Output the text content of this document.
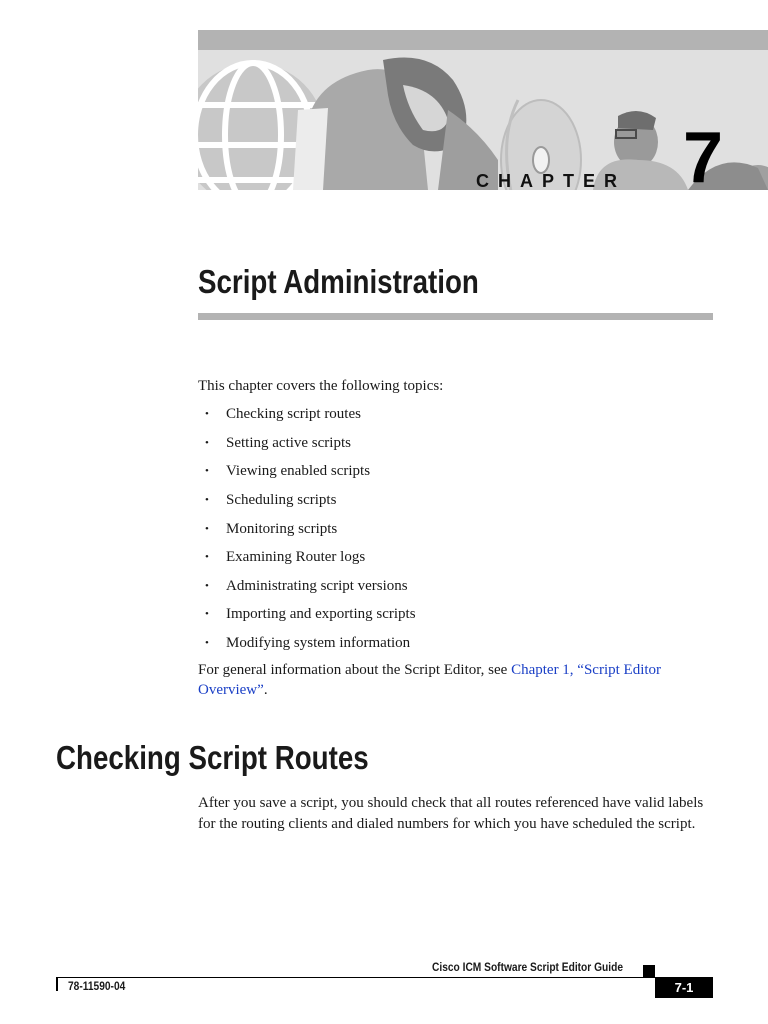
CHAPTER 7
Script Administration

This chapter covers the following topics:

• Checking script routes
• Setting active scripts
• Viewing enabled scripts
• Scheduling scripts
• Monitoring scripts
• Examining Router logs
• Administrating script versions
• Importing and exporting scripts
• Modifying system information

For general information about the Script Editor, see Chapter 1, “Script Editor Overview”.

Checking Script Routes

After you save a script, you should check that all routes referenced have valid labels for the routing clients and dialed numbers for which you have scheduled the script.

Cisco ICM Software Script Editor Guide
78-11590-04	7-1
